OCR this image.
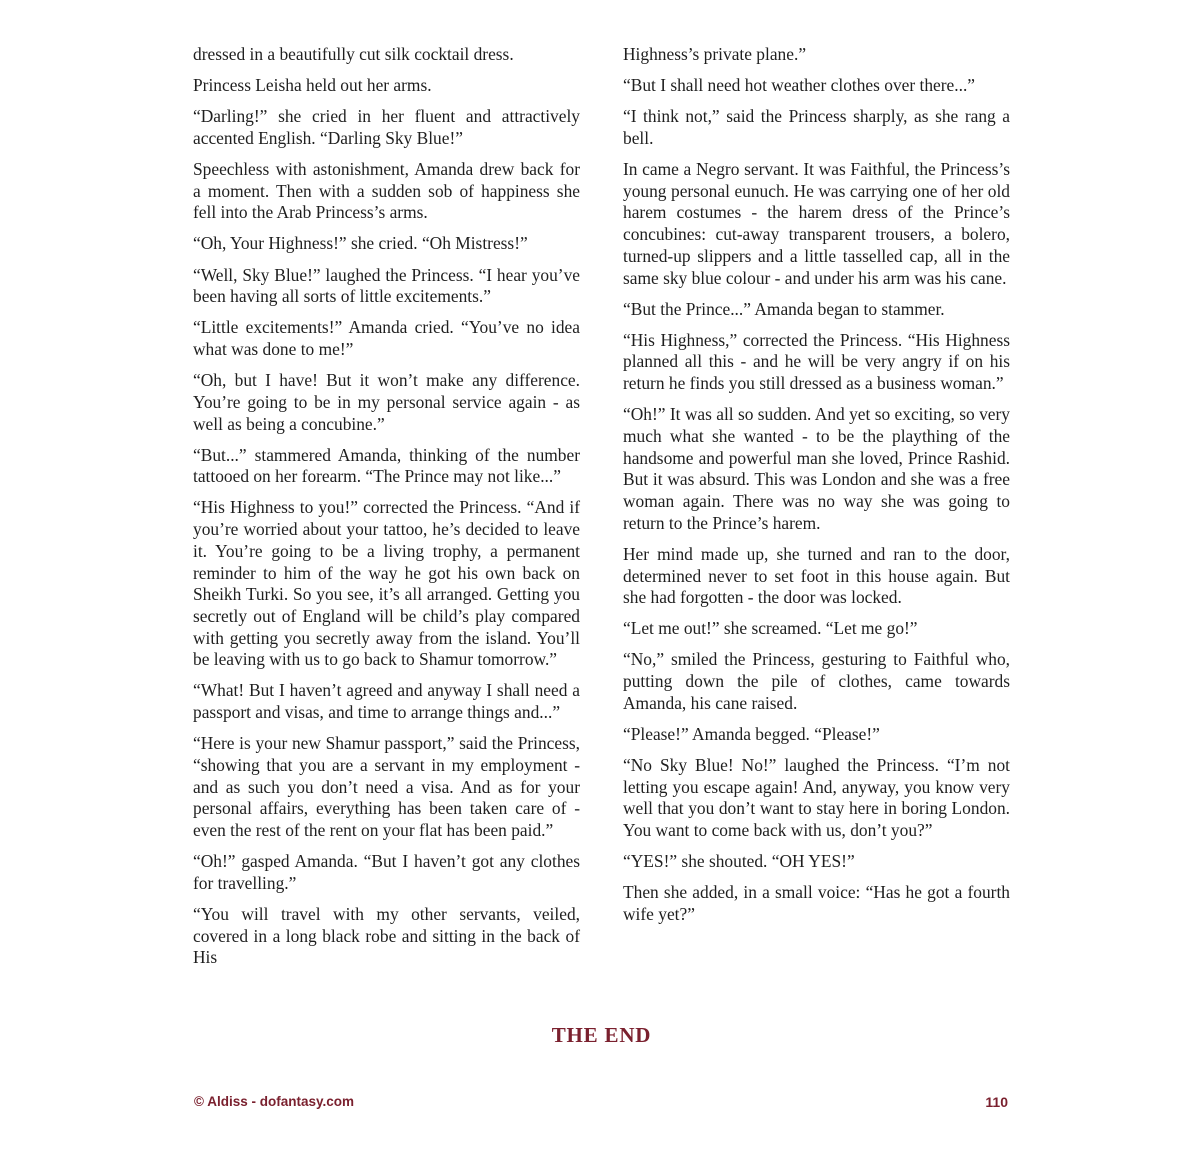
dressed in a beautifully cut silk cocktail dress.

Princess Leisha held out her arms.

“Darling!” she cried in her fluent and attractively accented English. “Darling Sky Blue!”

Speechless with astonishment, Amanda drew back for a moment. Then with a sudden sob of happiness she fell into the Arab Princess’s arms.

“Oh, Your Highness!” she cried. “Oh Mistress!”

“Well, Sky Blue!” laughed the Princess. “I hear you’ve been having all sorts of little excitements.”

“Little excitements!” Amanda cried. “You’ve no idea what was done to me!”

“Oh, but I have! But it won’t make any difference. You’re going to be in my personal service again - as well as being a concubine.”

“But...” stammered Amanda, thinking of the number tattooed on her forearm. “The Prince may not like...”

“His Highness to you!” corrected the Princess. “And if you’re worried about your tattoo, he’s decided to leave it. You’re going to be a living trophy, a permanent reminder to him of the way he got his own back on Sheikh Turki. So you see, it’s all arranged. Getting you secretly out of England will be child’s play compared with getting you secretly away from the island. You’ll be leaving with us to go back to Shamur tomorrow.”

“What! But I haven’t agreed and anyway I shall need a passport and visas, and time to arrange things and...”

“Here is your new Shamur passport,” said the Princess, “showing that you are a servant in my employment - and as such you don’t need a visa. And as for your personal affairs, everything has been taken care of - even the rest of the rent on your flat has been paid.”

“Oh!” gasped Amanda. “But I haven’t got any clothes for travelling.”

“You will travel with my other servants, veiled, covered in a long black robe and sitting in the back of His

Highness’s private plane.”

“But I shall need hot weather clothes over there...”

“I think not,” said the Princess sharply, as she rang a bell.

In came a Negro servant. It was Faithful, the Princess’s young personal eunuch. He was carrying one of her old harem costumes - the harem dress of the Prince’s concubines: cut-away transparent trousers, a bolero, turned-up slippers and a little tasselled cap, all in the same sky blue colour - and under his arm was his cane.

“But the Prince...” Amanda began to stammer.

“His Highness,” corrected the Princess. “His Highness planned all this - and he will be very angry if on his return he finds you still dressed as a business woman.”

“Oh!” It was all so sudden. And yet so exciting, so very much what she wanted - to be the plaything of the handsome and powerful man she loved, Prince Rashid. But it was absurd. This was London and she was a free woman again. There was no way she was going to return to the Prince’s harem.

Her mind made up, she turned and ran to the door, determined never to set foot in this house again. But she had forgotten - the door was locked.

“Let me out!” she screamed. “Let me go!”

“No,” smiled the Princess, gesturing to Faithful who, putting down the pile of clothes, came towards Amanda, his cane raised.

“Please!” Amanda begged. “Please!”

“No Sky Blue! No!” laughed the Princess. “I’m not letting you escape again! And, anyway, you know very well that you don’t want to stay here in boring London. You want to come back with us, don’t you?”

“YES!” she shouted. “OH YES!”

Then she added, in a small voice: “Has he got a fourth wife yet?”

THE END
© Aldiss - dofantasy.com	110
